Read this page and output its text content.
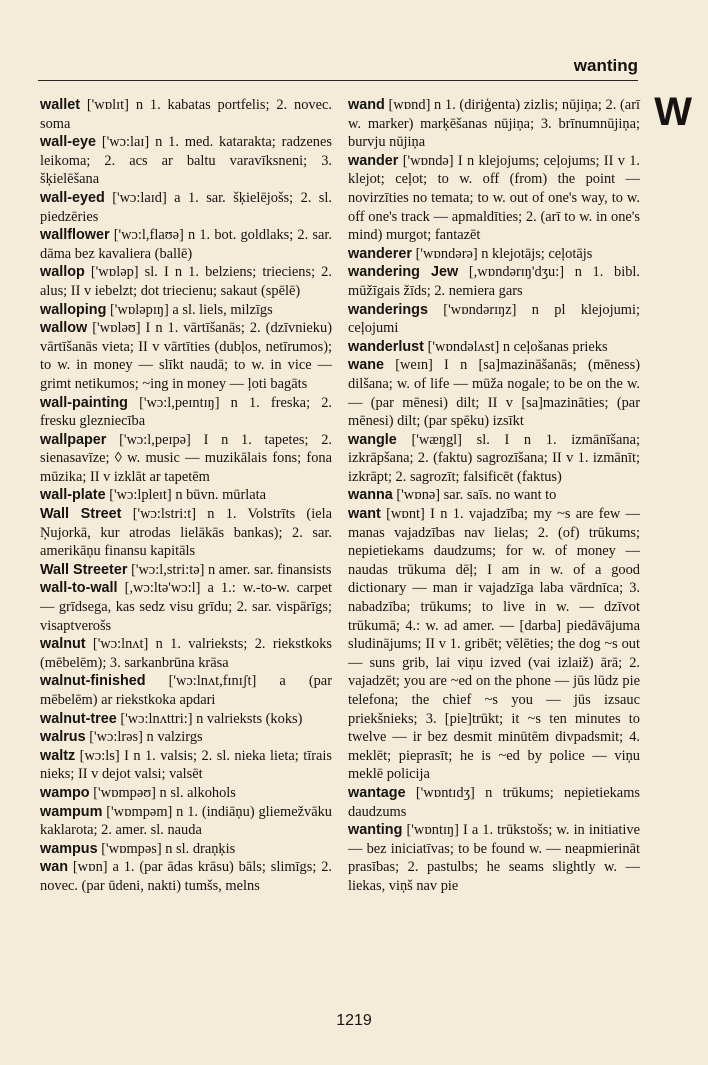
wanting
W

wallet ['wɒlɪt] n 1. kabatas portfelis; 2. novec. soma

wall-eye ['wɔ:laɪ] n 1. med. katarakta; radzenes leikoma; 2. acs ar baltu varavīksneni; 3. šķielēšana

wall-eyed ['wɔ:laɪd] a 1. sar. šķielējošs; 2. sl. piedzēries

wallflower ['wɔ:l,flaʊə] n 1. bot. goldlaks; 2. sar. dāma bez kavaliera (ballē)

wallop ['wɒləp] sl. I n 1. belziens; trieciens; 2. alus; II v iebelzt; dot triecienu; sakaut (spēlē)

walloping ['wɒləpɪŋ] a sl. liels, milzīgs

wallow ['wɒləʊ] I n 1. vārtīšanās; 2. (dzīvnieku) vārtīšanās vieta; II v vārtīties (dubļos, netīrumos); to w. in money — slīkt naudā; to w. in vice — grimt netikumos; ~ing in money — ļoti bagāts

wall-painting ['wɔ:l,peɪntɪŋ] n 1. freska; 2. fresku glezniecība

wallpaper ['wɔ:l,peɪpə] I n 1. tapetes; 2. sienasavīze; ◊ w. music — muzikālais fons; fona mūzika; II v izklāt ar tapetēm

wall-plate ['wɔ:lpleɪt] n būvn. mūrlata

Wall Street ['wɔ:lstri:t] n 1. Volstrīts (iela Ņujorkā, kur atrodas lielākās bankas); 2. sar. amerikāņu finansu kapitāls

Wall Streeter ['wɔ:l,stri:tə] n amer. sar. finansists

wall-to-wall [,wɔ:ltə'wɔ:l] a 1.: w.-to-w. carpet — grīdsega, kas sedz visu grīdu; 2. sar. vispārīgs; visaptverošs

walnut ['wɔ:lnʌt] n 1. valrieksts; 2. riekstkoks (mēbelēm); 3. sarkanbrūna krāsa

walnut-finished ['wɔ:lnʌt,fɪnɪʃt] a (par mēbelēm) ar riekstkoka apdari

walnut-tree ['wɔ:lnʌttri:] n valrieksts (koks)

walrus ['wɔ:lrəs] n valzirgs

waltz [wɔ:ls] I n 1. valsis; 2. sl. nieka lieta; tīrais nieks; II v dejot valsi; valsēt

wampo ['wɒmpəʊ] n sl. alkohols

wampum ['wɒmpəm] n 1. (indiāņu) gliemežvāku kaklarota; 2. amer. sl. nauda

wampus ['wɒmpəs] n sl. draņķis

wan [wɒn] a 1. (par ādas krāsu) bāls; slimīgs; 2. novec. (par ūdeni, nakti) tumšs, melns

wand [wɒnd] n 1. (diriģenta) zizlis; nūjiņa; 2. (arī w. marker) marķēšanas nūjiņa; 3. brīnumnūjiņa; burvju nūjiņa

wander ['wɒndə] I n klejojums; ceļojums; II v 1. klejot; ceļot; to w. off (from) the point — novirzīties no temata; to w. out of one's way, to w. off one's track — apmaldīties; 2. (arī to w. in one's mind) murgot; fantazēt

wanderer ['wɒndərə] n klejotājs; ceļotājs

wandering Jew [,wɒndərɪŋ'dʒu:] n 1. bibl. mūžīgais žīds; 2. nemiera gars

wanderings ['wɒndərɪŋz] n pl klejojumi; ceļojumi

wanderlust ['wɒndəlʌst] n ceļošanas prieks

wane [weɪn] I n [sa]mazināšanās; (mēness) dilšana; w. of life — mūža nogale; to be on the w. — (par mēnesi) dilt; II v [sa]mazināties; (par mēnesi) dilt; (par spēku) izsīkt

wangle ['wæŋgl] sl. I n 1. izmānīšana; izkrāpšana; 2. (faktu) sagrozīšana; II v 1. izmānīt; izkrāpt; 2. sagrozīt; falsificēt (faktus)

wanna ['wɒnə] sar. saīs. no want to

want [wɒnt] I n 1. vajadzība; my ~s are few — manas vajadzības nav lielas; 2. (of) trūkums; nepietiekams daudzums; for w. of money — naudas trūkuma dēļ; I am in w. of a good dictionary — man ir vajadzīga laba vārdnīca; 3. nabadzība; trūkums; to live in w. — dzīvot trūkumā; 4.: w. ad amer. — [darba] piedāvājuma sludinājums; II v 1. gribēt; vēlēties; the dog ~s out — suns grib, lai viņu izved (vai izlaiž) ārā; 2. vajadzēt; you are ~ed on the phone — jūs lūdz pie telefona; the chief ~s you — jūs izsauc priekšnieks; 3. [pie]trūkt; it ~s ten minutes to twelve — ir bez desmit minūtēm divpadsmit; 4. meklēt; pieprasīt; he is ~ed by police — viņu meklē policija

wantage ['wɒntɪdʒ] n trūkums; nepietiekams daudzums

wanting ['wɒntɪŋ] I a 1. trūkstošs; w. in initiative — bez iniciatīvas; to be found w. — neapmierināt prasības; 2. pastulbs; he seams slightly w. — liekas, viņš nav pie

1219
